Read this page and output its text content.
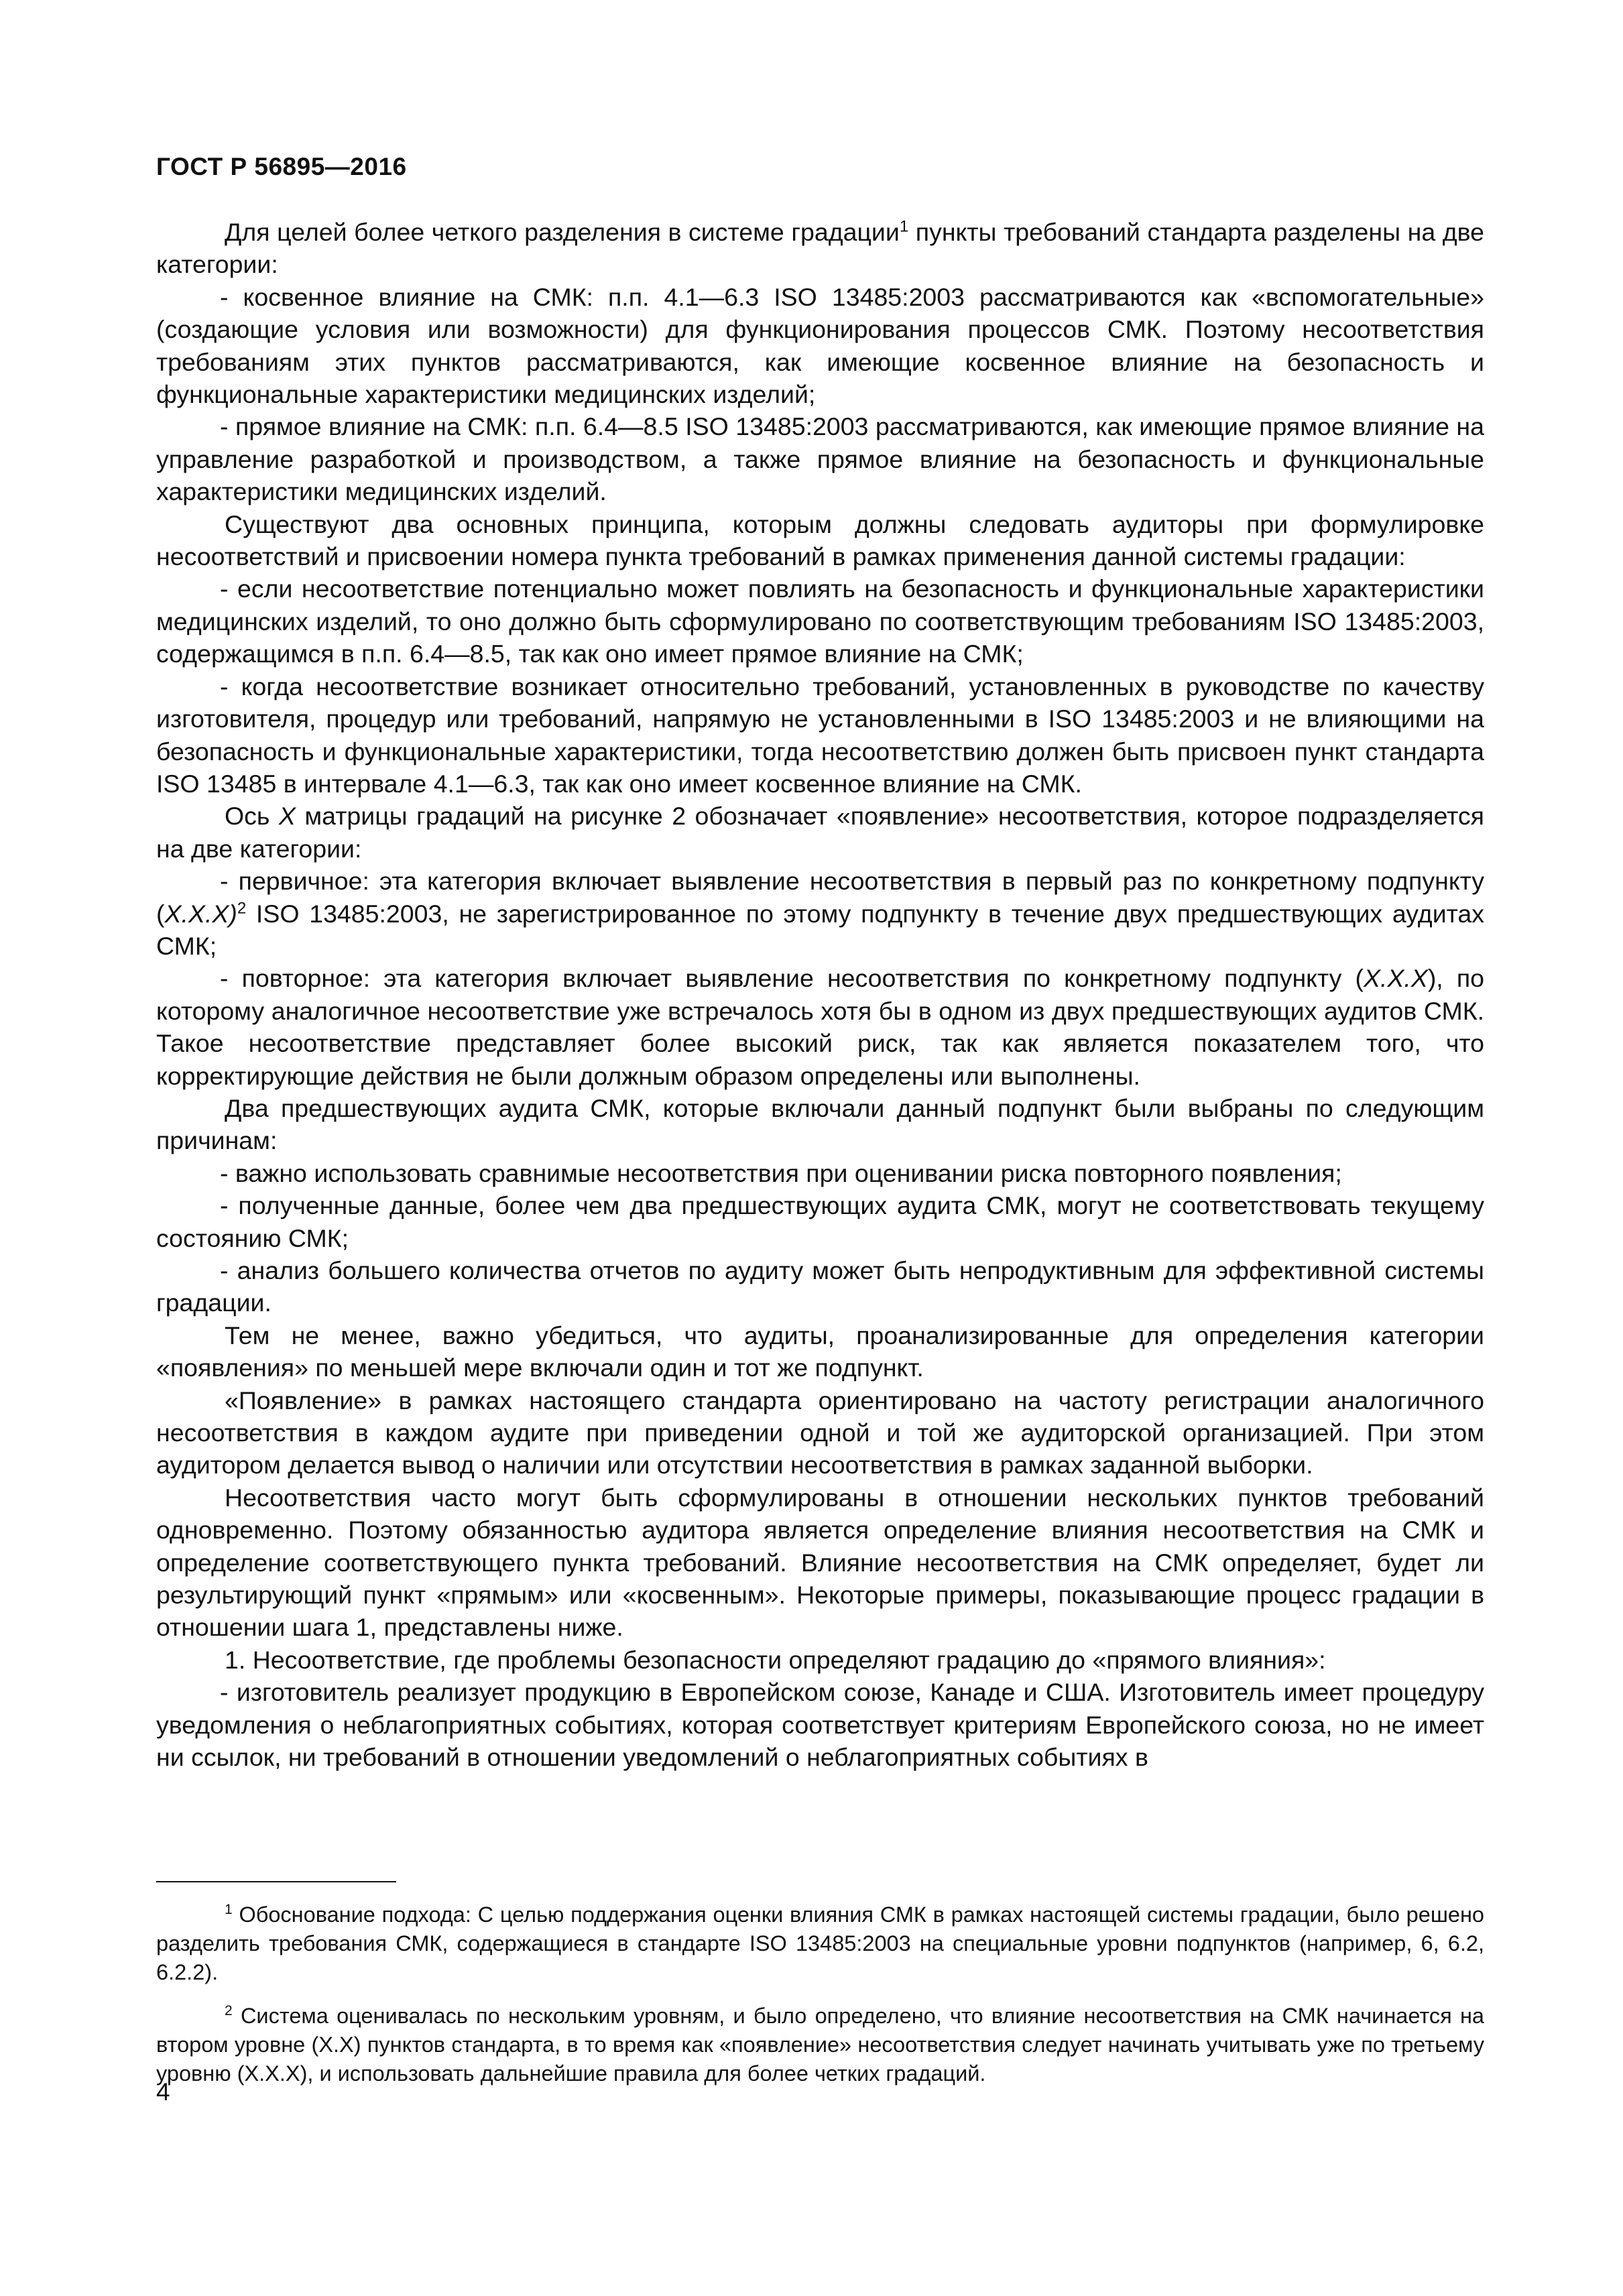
ГОСТ Р 56895—2016

Для целей более четкого разделения в системе градации$^1$ пункты требований стандарта разделены на две категории:

- косвенное влияние на СМК: п.п. 4.1—6.3 ISO 13485:2003 рассматриваются как «вспомогательные» (создающие условия или возможности) для функционирования процессов СМК. Поэтому несоответствия требованиям этих пунктов рассматриваются, как имеющие косвенное влияние на безопасность и функциональные характеристики медицинских изделий;

- прямое влияние на СМК: п.п. 6.4—8.5 ISO 13485:2003 рассматриваются, как имеющие прямое влияние на управление разработкой и производством, а также прямое влияние на безопасность и функциональные характеристики медицинских изделий.

Существуют два основных принципа, которым должны следовать аудиторы при формулировке несоответствий и присвоении номера пункта требований в рамках применения данной системы градации:

- если несоответствие потенциально может повлиять на безопасность и функциональные характеристики медицинских изделий, то оно должно быть сформулировано по соответствующим требованиям ISO 13485:2003, содержащимся в п.п. 6.4—8.5, так как оно имеет прямое влияние на СМК;

- когда несоответствие возникает относительно требований, установленных в руководстве по качеству изготовителя, процедур или требований, напрямую не установленными в ISO 13485:2003 и не влияющими на безопасность и функциональные характеристики, тогда несоответствию должен быть присвоен пункт стандарта ISO 13485 в интервале 4.1—6.3, так как оно имеет косвенное влияние на СМК.

Ось X матрицы градаций на рисунке 2 обозначает «появление» несоответствия, которое подразделяется на две категории:

- первичное: эта категория включает выявление несоответствия в первый раз по конкретному подпункту $(X.X.X)^2$ ISO 13485:2003, не зарегистрированное по этому подпункту в течение двух предшествующих аудитах СМК;

- повторное: эта категория включает выявление несоответствия по конкретному подпункту (X.X.X), по которому аналогичное несоответствие уже встречалось хотя бы в одном из двух предшествующих аудитов СМК. Такое несоответствие представляет более высокий риск, так как является показателем того, что корректирующие действия не были должным образом определены или выполнены.

Два предшествующих аудита СМК, которые включали данный подпункт были выбраны по следующим причинам:

- важно использовать сравнимые несоответствия при оценивании риска повторного появления;

- полученные данные, более чем два предшествующих аудита СМК, могут не соответствовать текущему состоянию СМК;

- анализ большего количества отчетов по аудиту может быть непродуктивным для эффективной системы градации.

Тем не менее, важно убедиться, что аудиты, проанализированные для определения категории «появления» по меньшей мере включали один и тот же подпункт.

«Появление» в рамках настоящего стандарта ориентировано на частоту регистрации аналогичного несоответствия в каждом аудите при приведении одной и той же аудиторской организацией. При этом аудитором делается вывод о наличии или отсутствии несоответствия в рамках заданной выборки.

Несоответствия часто могут быть сформулированы в отношении нескольких пунктов требований одновременно. Поэтому обязанностью аудитора является определение влияния несоответствия на СМК и определение соответствующего пункта требований. Влияние несоответствия на СМК определяет, будет ли результирующий пункт «прямым» или «косвенным». Некоторые примеры, показывающие процесс градации в отношении шага 1, представлены ниже.

1. Несоответствие, где проблемы безопасности определяют градацию до «прямого влияния»:

- изготовитель реализует продукцию в Европейском союзе, Канаде и США. Изготовитель имеет процедуру уведомления о неблагоприятных событиях, которая соответствует критериям Европейского союза, но не имеет ни ссылок, ни требований в отношении уведомлений о неблагоприятных событиях в

$^1$ Обоснование подхода: С целью поддержания оценки влияния СМК в рамках настоящей системы градации, было решено разделить требования СМК, содержащиеся в стандарте ISO 13485:2003 на специальные уровни подпунктов (например, 6, 6.2, 6.2.2).

$^2$ Система оценивалась по нескольким уровням, и было определено, что влияние несоответствия на СМК начинается на втором уровне (X.X) пунктов стандарта, в то время как «появление» несоответствия следует начинать учитывать уже по третьему уровню (X.X.X), и использовать дальнейшие правила для более четких градаций.

4
